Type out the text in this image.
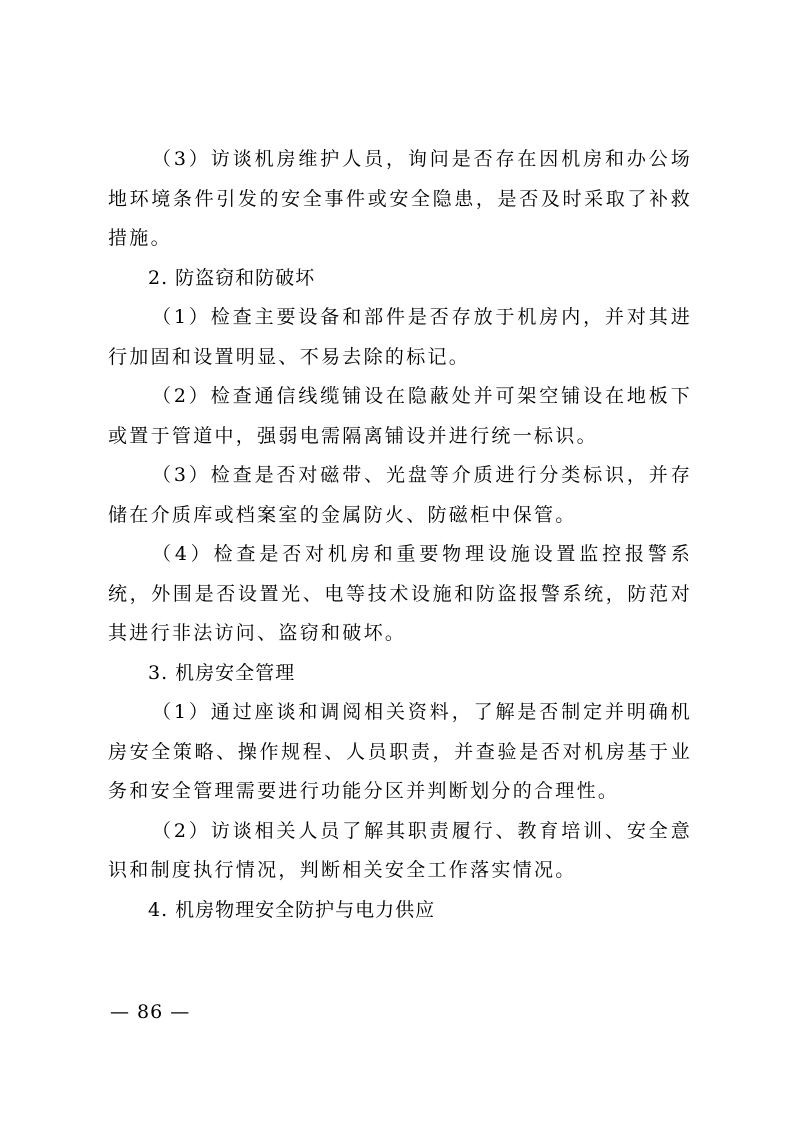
（3）访谈机房维护人员，询问是否存在因机房和办公场地环境条件引发的安全事件或安全隐患，是否及时采取了补救措施。

2. 防盗窃和防破坏

（1）检查主要设备和部件是否存放于机房内，并对其进行加固和设置明显、不易去除的标记。

（2）检查通信线缆铺设在隐蔽处并可架空铺设在地板下或置于管道中，强弱电需隔离铺设并进行统一标识。

（3）检查是否对磁带、光盘等介质进行分类标识，并存储在介质库或档案室的金属防火、防磁柜中保管。

（4）检查是否对机房和重要物理设施设置监控报警系统，外围是否设置光、电等技术设施和防盗报警系统，防范对其进行非法访问、盗窃和破坏。

3. 机房安全管理

（1）通过座谈和调阅相关资料，了解是否制定并明确机房安全策略、操作规程、人员职责，并查验是否对机房基于业务和安全管理需要进行功能分区并判断划分的合理性。

（2）访谈相关人员了解其职责履行、教育培训、安全意识和制度执行情况，判断相关安全工作落实情况。

4. 机房物理安全防护与电力供应

— 86 —
